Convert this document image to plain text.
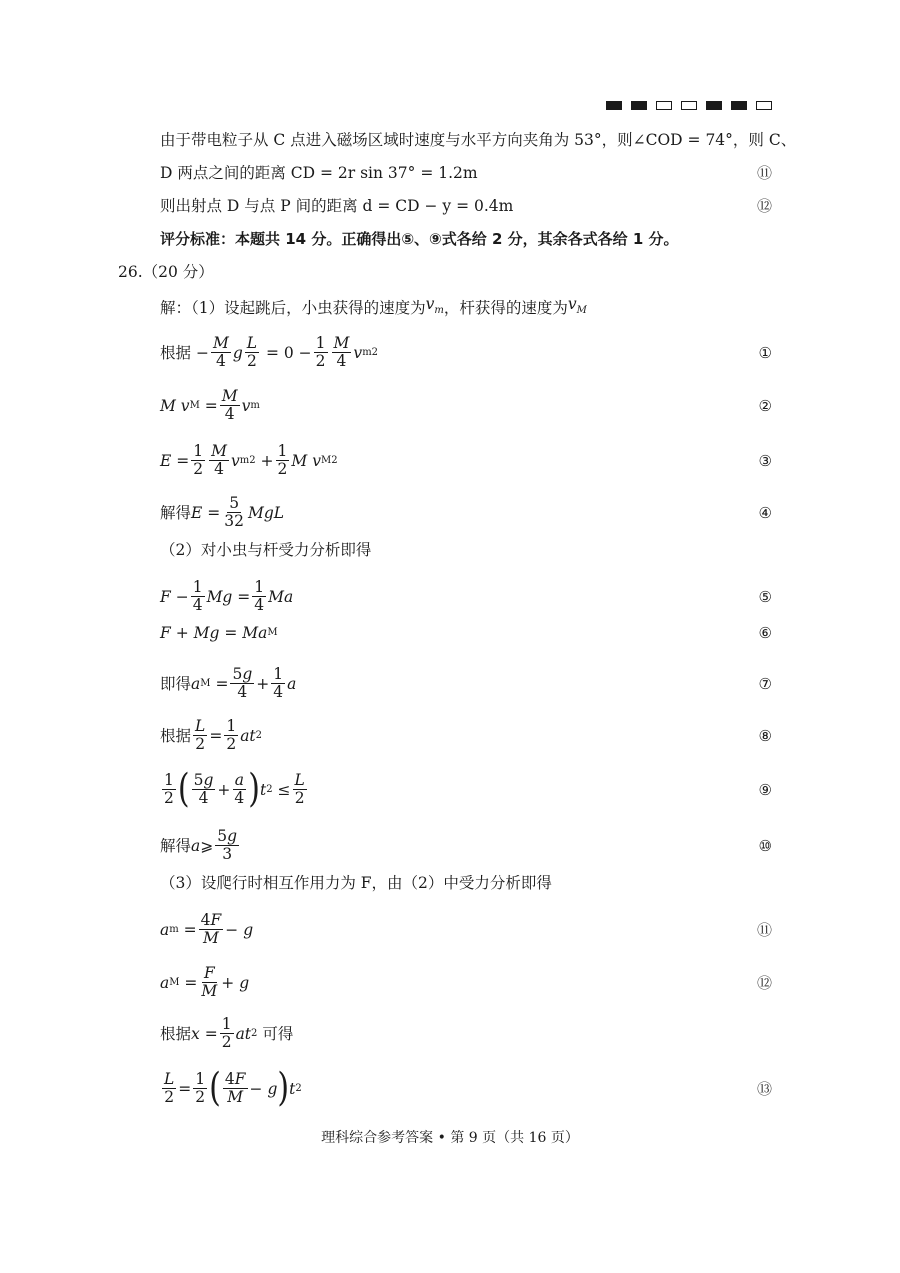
由于带电粒子从 C 点进入磁场区域时速度与水平方向夹角为 53°，则∠COD = 74°，则 C、
D 两点之间的距离 CD = 2r sin 37° = 1.2m	⑪
则出射点 D 与点 P 间的距离 d = CD − y = 0.4m	⑫
评分标准：本题共 14 分。正确得出⑤、⑨式各给 2 分，其余各式各给 1 分。
26.（20 分）
解：（1）设起跳后，小虫获得的速度为 $v_m$ ，杆获得的速度为 $v_M$
根据 −
M
4 g
L
2 = 0 −
1
2
M
4 v m 2	①
M v M =
M
4 v m	②
E =
1
2
M
4 v m 2 +
1
2 M v M 2	③
解得 E =
5
32 MgL	④
（2）对小虫与杆受力分析即得
F −
1
4 Mg =
1
4 Ma	⑤
F + Mg = Ma M	⑥
即得 a M =
5g
4 +
1
4 a	⑦
根据
L
2 =
1
2 at 2	⑧
1
2 ( 5g
4 +
a
4 ) t 2 ≤
L
2	⑨
解得 a ⩾
5g
3	⑩
（3）设爬行时相互作用力为 F，由（2）中受力分析即得
a m =
4F
M − g	⑪
a M =
F
M + g	⑫
根据 x =
1
2 at 2
可得
L
2 =
1
2 ( 4F
M − g ) t 2	⑬
理科综合参考答案 • 第 9 页（共 16 页）
